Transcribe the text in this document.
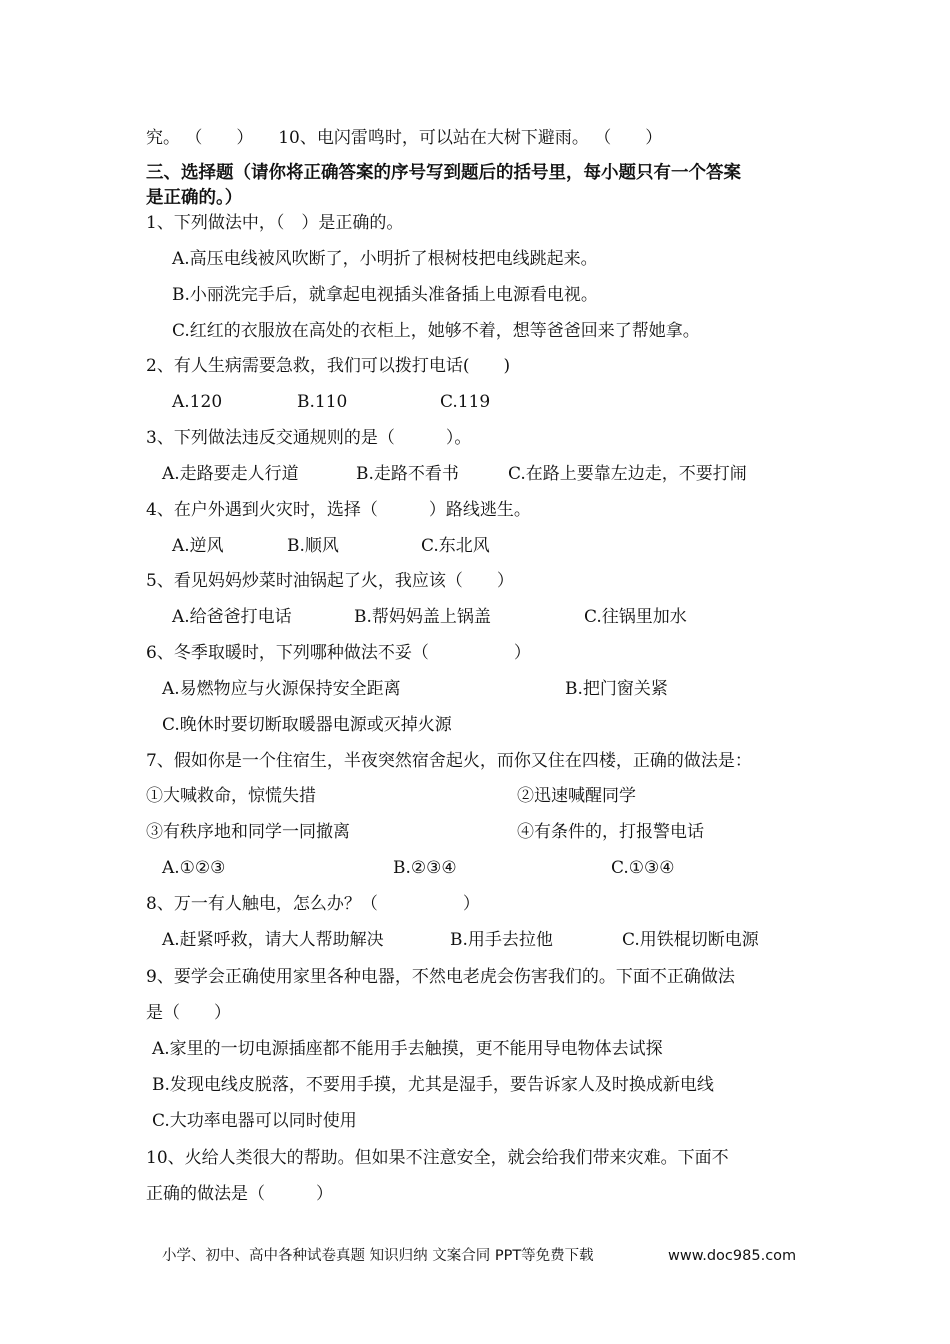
究。 （　　） 10、电闪雷鸣时，可以站在大树下避雨。 （　　）
三、选择题（请你将正确答案的序号写到题后的括号里，每小题只有一个答案
是正确的。）
1、下列做法中，（　）是正确的。
A.高压电线被风吹断了，小明折了根树枝把电线跳起来。
B.小丽洗完手后，就拿起电视插头准备插上电源看电视。
C.红红的衣服放在高处的衣柜上，她够不着，想等爸爸回来了帮她拿。
2、有人生病需要急救，我们可以拨打电话(　　)
A.120	B.110	C.119
3、下列做法违反交通规则的是（　　　）。
A.走路要走人行道	B.走路不看书	C.在路上要靠左边走，不要打闹
4、在户外遇到火灾时，选择（　　　）路线逃生。
A.逆风	B.顺风	C.东北风
5、看见妈妈炒菜时油锅起了火，我应该（　　）
A.给爸爸打电话	B.帮妈妈盖上锅盖	C.往锅里加水
6、冬季取暖时，下列哪种做法不妥（　　　　　）
A.易燃物应与火源保持安全距离	B.把门窗关紧
C.晚休时要切断取暖器电源或灭掉火源
7、假如你是一个住宿生，半夜突然宿舍起火，而你又住在四楼，正确的做法是：
①大喊救命，惊慌失措	②迅速喊醒同学
③有秩序地和同学一同撤离	④有条件的，打报警电话
A.①②③	B.②③④	C.①③④
8、万一有人触电，怎么办？（　　　　　）
A.赶紧呼救，请大人帮助解决	B.用手去拉他	C.用铁棍切断电源
9、要学会正确使用家里各种电器，不然电老虎会伤害我们的。下面不正确做法
是（　　）
A.家里的一切电源插座都不能用手去触摸，更不能用导电物体去试探
B.发现电线皮脱落，不要用手摸，尤其是湿手，要告诉家人及时换成新电线
C.大功率电器可以同时使用
10、火给人类很大的帮助。但如果不注意安全，就会给我们带来灾难。下面不
正确的做法是（　　　）
小学、初中、高中各种试卷真题 知识归纳 文案合同 PPT等免费下载	www.doc985.com
